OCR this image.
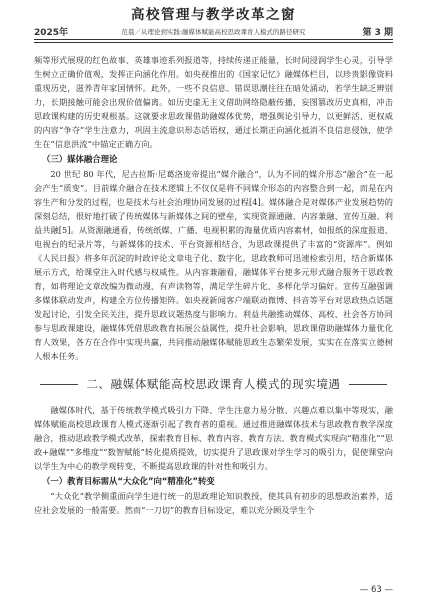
高校管理与教学改革之窗
2025年	范晨／从理论到实践:融媒体赋能高校思政课育人模式的路径研究	第 3 期

频等形式展现的红色故事、英雄事迹系列报道等，持续传递正能量，长时间浸润学生心灵，引导学生树立正确价值观，发挥正向涵化作用。如央视推出的《国家记忆》融媒体栏目，以珍贵影像资料重现历史，滋养青年家国情怀。此外，一些不良信息、错误思潮往往在暗处涌动，若学生缺乏辨别力，长期接触可能会出现价值偏离。如历史虚无主义借助网络隐蔽传播，妄图篡改历史真相，冲击思政课构建的历史观根基。这就要求思政课借助融媒体优势，增强舆论引导力，以更鲜活、更权威的内容“争夺”学生注意力，巩固主流意识形态话语权，通过长期正向涵化抵消不良信息侵蚀，使学生在“信息洪流”中锚定正确方向。

（三）媒体融合理论

20 世纪 80 年代，尼古拉斯·尼葛洛庞帝提出“媒介融合”，认为不同的媒介形态“融合”在一起会产生“质变”。目前媒介融合在技术逻辑上不仅仅是将不同媒介形态的内容整合到一起，而是在内容生产和分发的过程，也是技术与社会治理协同发展的过程[4]。媒体融合是对媒体产业发展趋势的深刻总结，很好地打破了传统媒体与新媒体之间的壁垒，实现资源通融、内容兼融、宣传互融、利益共融[5]。从资源融通看，传统纸媒、广播、电视积累的海量优质内容素材，如报纸的深度报道、电视台的纪录片等，与新媒体的技术、平台资源相结合，为思政课提供了丰富的“资源库”。例如《人民日报》将多年沉淀的时政评论文章电子化、数字化，思政教师可迅速检索引用，结合新媒体展示方式，给课堂注入时代感与权威性。从内容兼融看，融媒体平台使多元形式融合服务于思政教育，如将理论文章改编为微动漫、有声读物等，满足学生碎片化、多样化学习偏好。宣传互融强调多媒体联动发声，构建全方位传播矩阵。如央视新闻客户端联动微博、抖音等平台对思政热点话题发起讨论，引发全民关注，提升思政议题热度与影响力。利益共融推动媒体、高校、社会各方协同参与思政课建设，融媒体凭借思政教育拓展公益属性，提升社会影响，思政课借助融媒体力量优化育人效果，各方在合作中实现共赢，共同推动融媒体赋能思政生态繁荣发展，实实在在落实立德树人根本任务。

二、融媒体赋能高校思政课育人模式的现实境遇

融媒体时代，基于传统教学模式吸引力下降、学生注意力易分散、兴趣点难以集中等现实，融媒体赋能高校思政课育人模式逐渐引起了教育者的重视。通过推进融媒体技术与思政教育教学深度融合，推动思政教学模式改革，探索教育目标、教育内容、教育方法、教育模式实现向“精准化”“思政+融媒”“多维度”“数智赋能”转化提质提效，切实提升了思政课对学生学习的吸引力，促使课堂向以学生为中心的教学观转变，不断提高思政课的针对性和吸引力。

（一）教育目标需从“大众化”向“精准化”转变

“大众化”教学侧重面向学生进行统一的思政理论知识教授，使其具有初步的思想政治素养，适应社会发展的一般需要。然而“一刀切”的教育目标设定，难以充分顾及学生个

— 63 —
